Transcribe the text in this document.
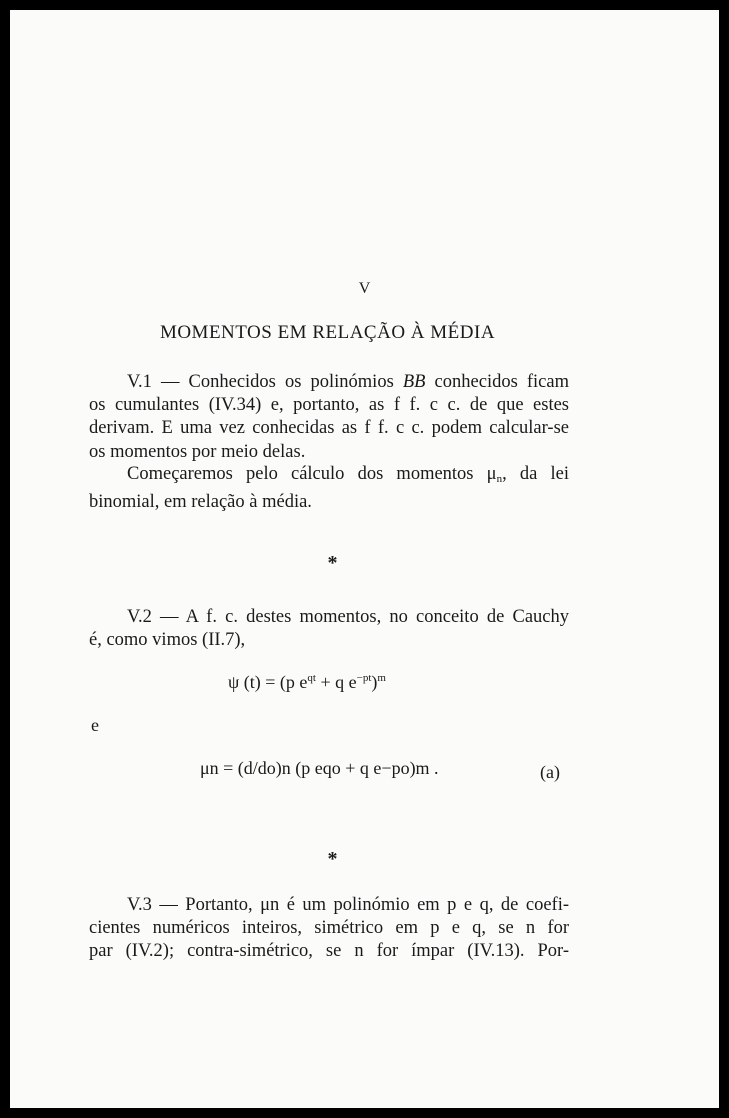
V
MOMENTOS EM RELAÇÃO À MÉDIA
V.1 — Conhecidos os polinómios BB conhecidos ficam
os cumulantes (IV.34) e, portanto, as f f. c c. de que estes
derivam. E uma vez conhecidas as f f. c c. podem calcular-se
os momentos por meio delas.
Começaremos pelo cálculo dos momentos $\mu_n$, da lei
binomial, em relação à média.
*
V.2 — A f. c. destes momentos, no conceito de Cauchy
é, como vimos (II.7),
ψ (t) = (p $e^{qt} + q$ $e^{-pt})^m$
e
μn = (d/do)n (p eqo + q e−po)m .	(a)
*
V.3 — Portanto, μn é um polinómio em p e q, de coefi-
cientes numéricos inteiros, simétrico em p e q, se n for
par (IV.2); contra-simétrico, se n for ímpar (IV.13). Por-
